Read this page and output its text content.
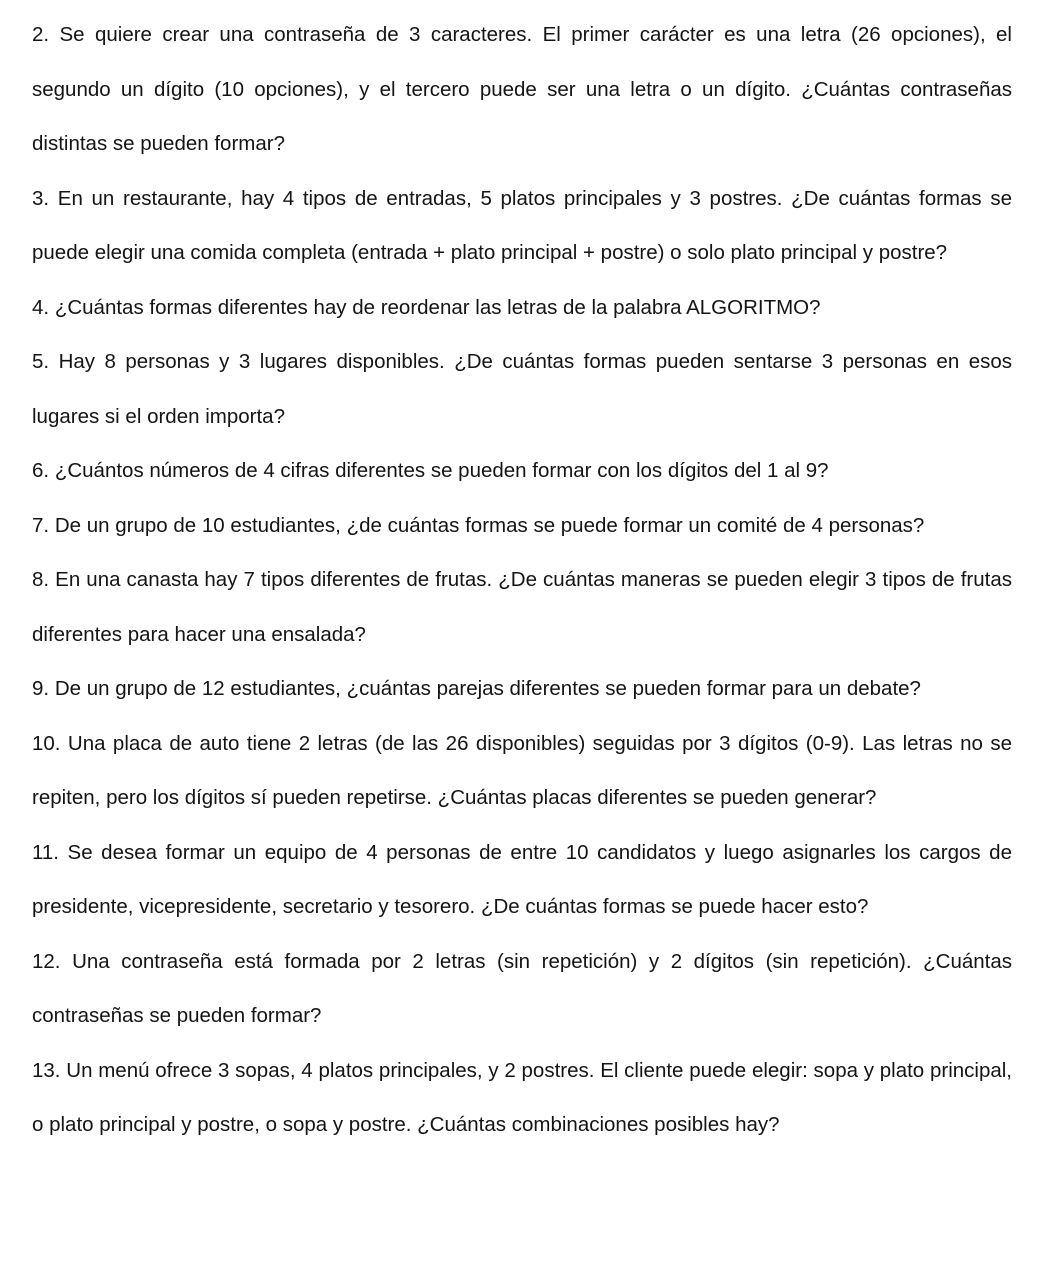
2. Se quiere crear una contraseña de 3 caracteres. El primer carácter es una letra (26 opciones), el segundo un dígito (10 opciones), y el tercero puede ser una letra o un dígito. ¿Cuántas contraseñas distintas se pueden formar?
3. En un restaurante, hay 4 tipos de entradas, 5 platos principales y 3 postres. ¿De cuántas formas se puede elegir una comida completa (entrada + plato principal + postre) o solo plato principal y postre?
4. ¿Cuántas formas diferentes hay de reordenar las letras de la palabra ALGORITMO?
5. Hay 8 personas y 3 lugares disponibles. ¿De cuántas formas pueden sentarse 3 personas en esos lugares si el orden importa?
6. ¿Cuántos números de 4 cifras diferentes se pueden formar con los dígitos del 1 al 9?
7. De un grupo de 10 estudiantes, ¿de cuántas formas se puede formar un comité de 4 personas?
8. En una canasta hay 7 tipos diferentes de frutas. ¿De cuántas maneras se pueden elegir 3 tipos de frutas diferentes para hacer una ensalada?
9. De un grupo de 12 estudiantes, ¿cuántas parejas diferentes se pueden formar para un debate?
10. Una placa de auto tiene 2 letras (de las 26 disponibles) seguidas por 3 dígitos (0-9). Las letras no se repiten, pero los dígitos sí pueden repetirse. ¿Cuántas placas diferentes se pueden generar?
11. Se desea formar un equipo de 4 personas de entre 10 candidatos y luego asignarles los cargos de presidente, vicepresidente, secretario y tesorero. ¿De cuántas formas se puede hacer esto?
12. Una contraseña está formada por 2 letras (sin repetición) y 2 dígitos (sin repetición). ¿Cuántas contraseñas se pueden formar?
13. Un menú ofrece 3 sopas, 4 platos principales, y 2 postres. El cliente puede elegir: sopa y plato principal, o plato principal y postre, o sopa y postre. ¿Cuántas combinaciones posibles hay?
